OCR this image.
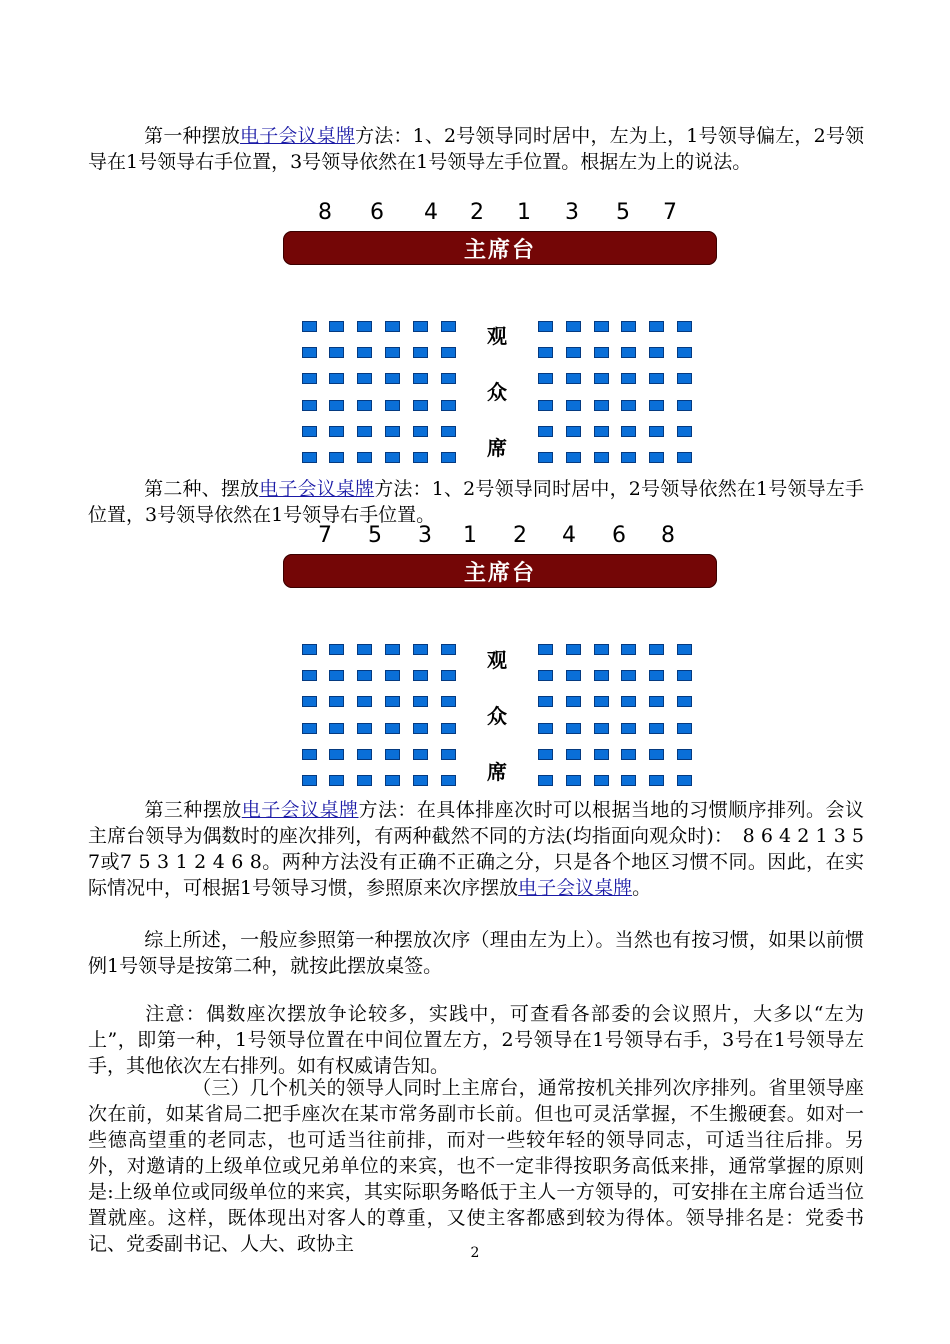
第一种摆放电子会议桌牌方法：1、2号领导同时居中，左为上，1号领导偏左，2号领导在1号领导右手位置，3号领导依然在1号领导左手位置。根据左为上的说法。

8 6 4 2 1 3 5 7
主席台
观
众
席

第二种、摆放电子会议桌牌方法：1、2号领导同时居中，2号领导依然在1号领导左手位置，3号领导依然在1号领导右手位置。

7 5 3 1 2 4 6 8
主席台
观
众
席

第三种摆放电子会议桌牌方法：在具体排座次时可以根据当地的习惯顺序排列。会议主席台领导为偶数时的座次排列，有两种截然不同的方法(均指面向观众时)：　8 6 4 2 1 3 5 7或7 5 3 1 2 4 6 8。两种方法没有正确不正确之分，只是各个地区习惯不同。因此，在实际情况中，可根据1号领导习惯，参照原来次序摆放电子会议桌牌。

综上所述，一般应参照第一种摆放次序（理由左为上）。当然也有按习惯，如果以前惯例1号领导是按第二种，就按此摆放桌签。

注意：偶数座次摆放争论较多，实践中，可查看各部委的会议照片，大多以“左为上”，即第一种，1号领导位置在中间位置左方，2号领导在1号领导右手，3号在1号领导左手，其他依次左右排列。如有权威请告知。

（三）几个机关的领导人同时上主席台，通常按机关排列次序排列。省里领导座次在前，如某省局二把手座次在某市常务副市长前。但也可灵活掌握，不生搬硬套。如对一些德高望重的老同志，也可适当往前排，而对一些较年轻的领导同志，可适当往后排。另外，对邀请的上级单位或兄弟单位的来宾，也不一定非得按职务高低来排，通常掌握的原则是:上级单位或同级单位的来宾，其实际职务略低于主人一方领导的，可安排在主席台适当位置就座。这样，既体现出对客人的尊重，又使主客都感到较为得体。领导排名是：党委书记、党委副书记、人大、政协主	2
